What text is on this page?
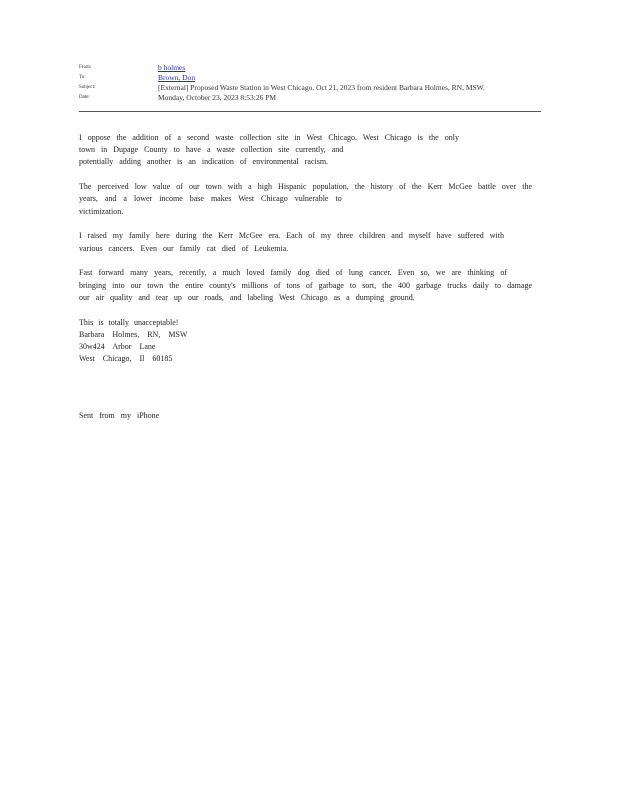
From:	b holmes
To:	Brown, Don
Subject:	[External] Proposed Waste Station in West Chicago, Oct 21, 2023 from resident Barbara Holmes, RN, MSW.
Date:	Monday, October 23, 2023 8:53:26 PM
I oppose the addition of a second waste collection site in West Chicago. West Chicago is the only
town in Dupage County to have a waste collection site currently, and
potentially adding another is an indication of environmental racism.
The perceived low value of our town with a high Hispanic population, the history of the Kerr McGee battle over the
years, and a lower income base makes West Chicago vulnerable to
victimization.
I raised my family here during the Kerr McGee era. Each of my three children and myself have suffered with
various cancers. Even our family cat died of Leukemia.
Fast forward many years, recently, a much loved family dog died of lung cancer. Even so, we are thinking of
bringing into our town the entire county's millions of tons of garbage to sort, the 400 garbage trucks daily to damage
our air quality and tear up our roads, and labeling West Chicago as a dumping ground.
This is totally unacceptable!
Barbara Holmes, RN, MSW
30w424 Arbor Lane
West Chicago, Il 60185
Sent from my iPhone
